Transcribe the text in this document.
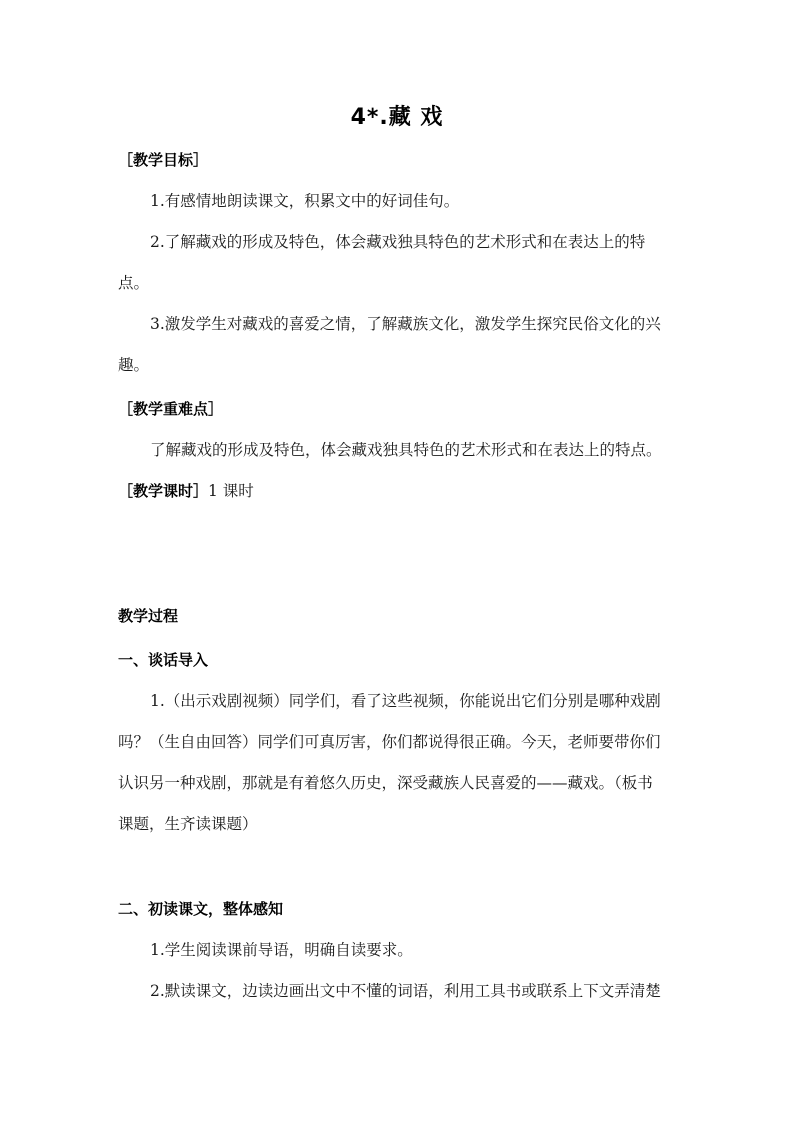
4*.藏 戏
［教学目标］
1.有感情地朗读课文，积累文中的好词佳句。
2.了解藏戏的形成及特色，体会藏戏独具特色的艺术形式和在表达上的特
点。
3.激发学生对藏戏的喜爱之情，了解藏族文化，激发学生探究民俗文化的兴
趣。
［教学重难点］
了解藏戏的形成及特色，体会藏戏独具特色的艺术形式和在表达上的特点。
［教学课时］1 课时
教学过程
一、谈话导入
1.（出示戏剧视频）同学们，看了这些视频，你能说出它们分别是哪种戏剧
吗？（生自由回答）同学们可真厉害，你们都说得很正确。今天，老师要带你们
认识另一种戏剧，那就是有着悠久历史，深受藏族人民喜爱的——藏戏。（板书
课题，生齐读课题）
二、初读课文，整体感知
1.学生阅读课前导语，明确自读要求。
2.默读课文，边读边画出文中不懂的词语，利用工具书或联系上下文弄清楚
